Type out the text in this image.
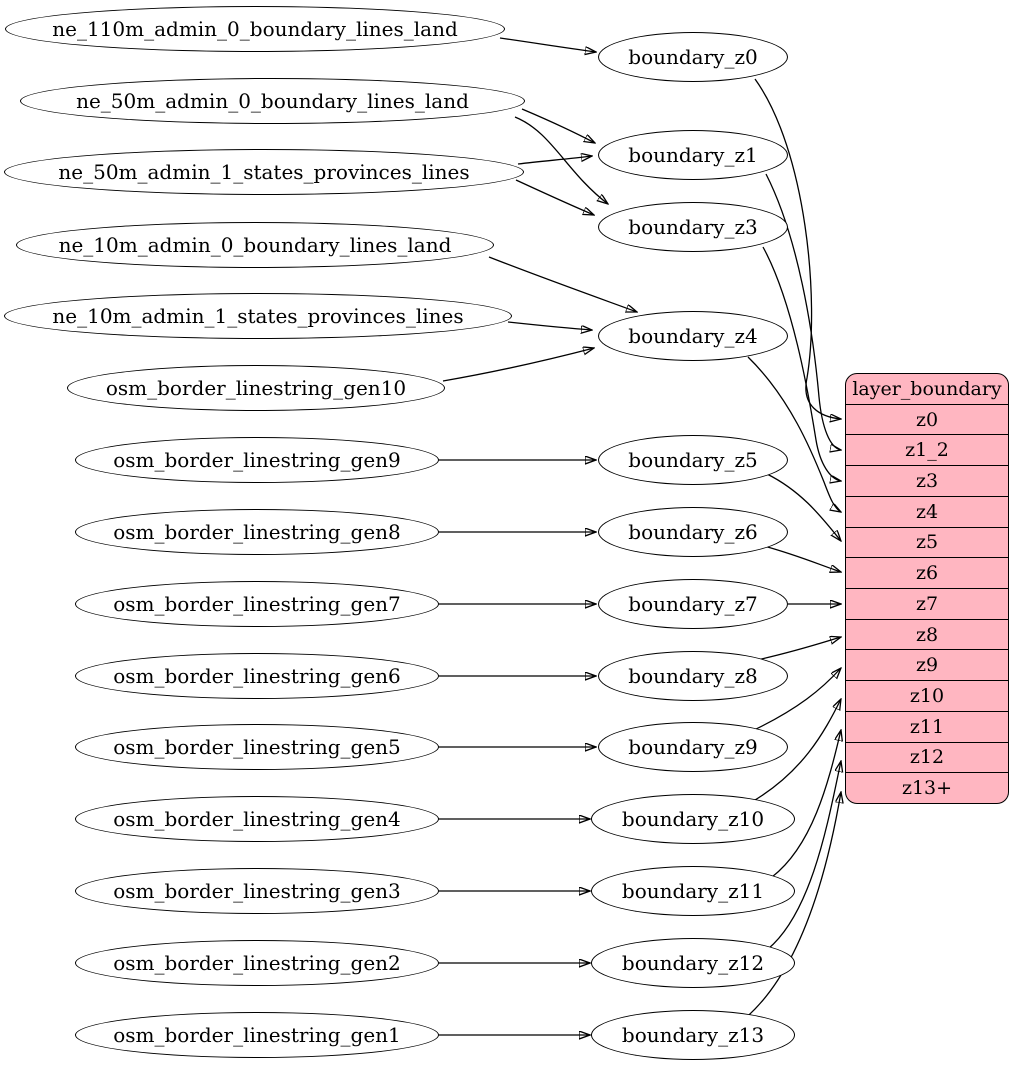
ne_110m_admin_0_boundary_lines_land
ne_50m_admin_0_boundary_lines_land
ne_50m_admin_1_states_provinces_lines
ne_10m_admin_0_boundary_lines_land
ne_10m_admin_1_states_provinces_lines
osm_border_linestring_gen10
osm_border_linestring_gen9
osm_border_linestring_gen8
osm_border_linestring_gen7
osm_border_linestring_gen6
osm_border_linestring_gen5
osm_border_linestring_gen4
osm_border_linestring_gen3
osm_border_linestring_gen2
osm_border_linestring_gen1
boundary_z0
boundary_z1
boundary_z3
boundary_z4
boundary_z5
boundary_z6
boundary_z7
boundary_z8
boundary_z9
boundary_z10
boundary_z11
boundary_z12
boundary_z13
layer_boundary
z0
z1_2
z3
z4
z5
z6
z7
z8
z9
z10
z11
z12
z13+
